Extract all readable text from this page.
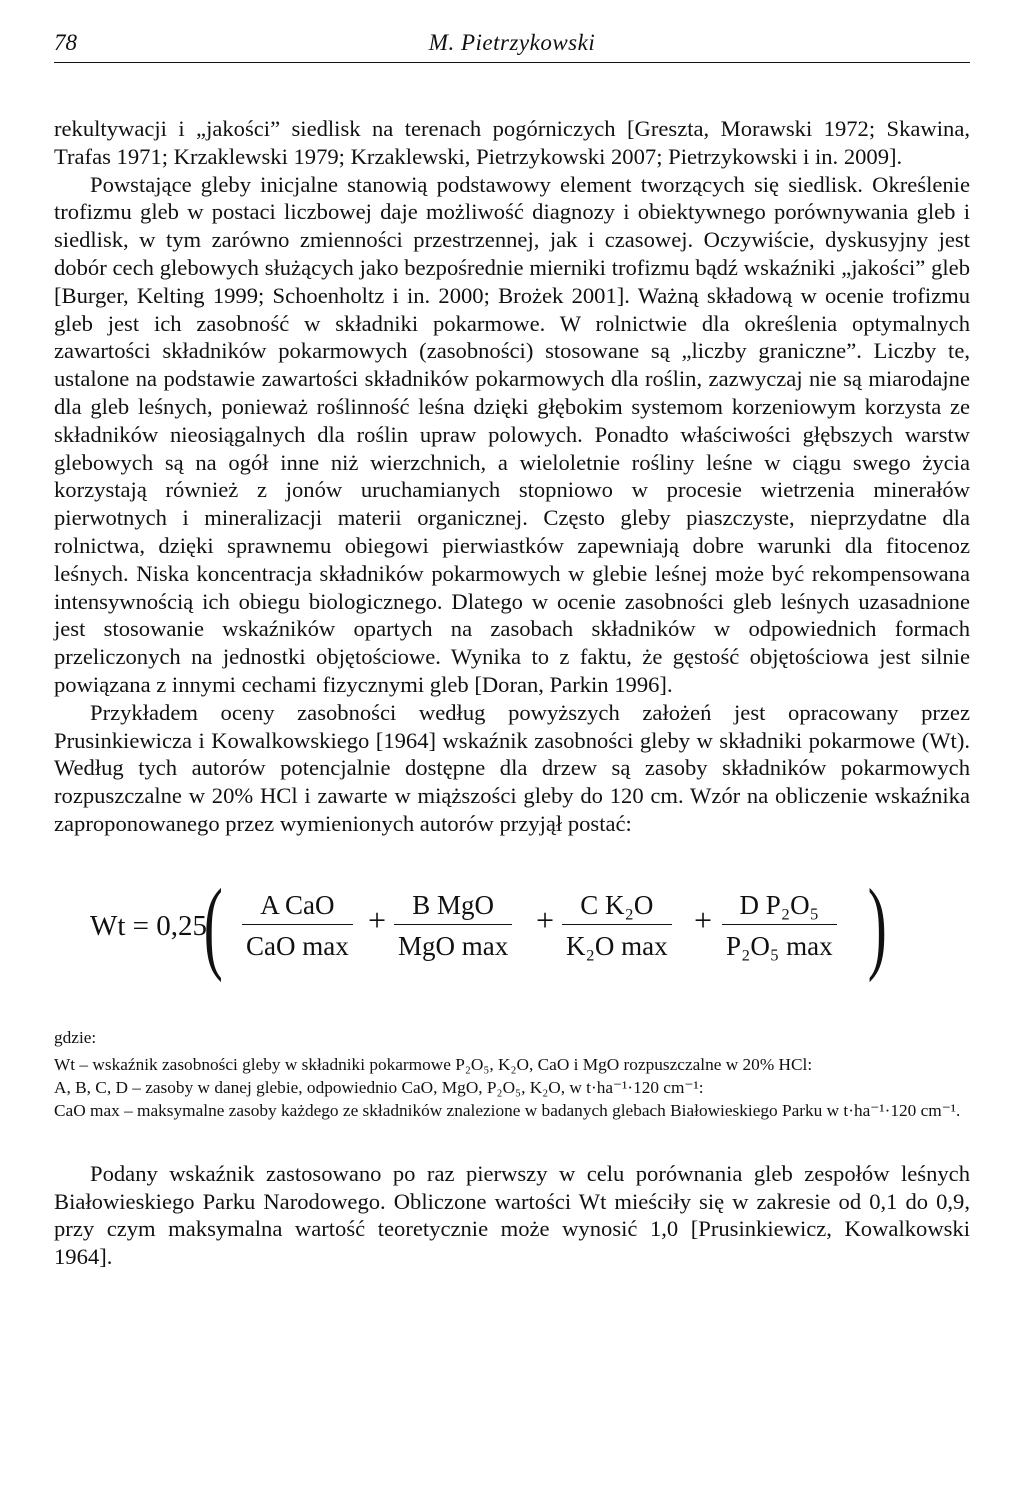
78	M. Pietrzykowski

rekultywacji i „jakości” siedlisk na terenach pogórniczych [Greszta, Morawski 1972; Skawina, Trafas 1971; Krzaklewski 1979; Krzaklewski, Pietrzykowski 2007; Pietrzykowski i in. 2009].

Powstające gleby inicjalne stanowią podstawowy element tworzących się siedlisk. Określenie trofizmu gleb w postaci liczbowej daje możliwość diagnozy i obiektywnego porównywania gleb i siedlisk, w tym zarówno zmienności przestrzennej, jak i czasowej. Oczywiście, dyskusyjny jest dobór cech glebowych służących jako bezpośrednie mierniki trofizmu bądź wskaźniki „jakości” gleb [Burger, Kelting 1999; Schoenholtz i in. 2000; Brożek 2001]. Ważną składową w ocenie trofizmu gleb jest ich zasobność w składniki pokarmowe. W rolnictwie dla określenia optymalnych zawartości składników pokarmowych (zasobności) stosowane są „liczby graniczne”. Liczby te, ustalone na podstawie zawartości składników pokarmowych dla roślin, zazwyczaj nie są miarodajne dla gleb leśnych, ponieważ roślinność leśna dzięki głębokim systemom korzeniowym korzysta ze składników nieosiągalnych dla roślin upraw polowych. Ponadto właściwości głębszych warstw glebowych są na ogół inne niż wierzchnich, a wieloletnie rośliny leśne w ciągu swego życia korzystają również z jonów uruchamianych stopniowo w procesie wietrzenia minerałów pierwotnych i mineralizacji materii organicznej. Często gleby piaszczyste, nieprzydatne dla rolnictwa, dzięki sprawnemu obiegowi pierwiastków zapewniają dobre warunki dla fitocenoz leśnych. Niska koncentracja składników pokarmowych w glebie leśnej może być rekompensowana intensywnością ich obiegu biologicznego. Dlatego w ocenie zasobności gleb leśnych uzasadnione jest stosowanie wskaźników opartych na zasobach składników w odpowiednich formach przeliczonych na jednostki objętościowe. Wynika to z faktu, że gęstość objętościowa jest silnie powiązana z innymi cechami fizycznymi gleb [Doran, Parkin 1996].

Przykładem oceny zasobności według powyższych założeń jest opracowany przez Prusinkiewicza i Kowalkowskiego [1964] wskaźnik zasobności gleby w składniki pokarmowe (Wt). Według tych autorów potencjalnie dostępne dla drzew są zasoby składników pokarmowych rozpuszczalne w 20% HCl i zawarte w miąższości gleby do 120 cm. Wzór na obliczenie wskaźnika zaproponowanego przez wymienionych autorów przyjął postać:

Wt = 0,25
(	A CaO
CaO max
+ B MgO
MgO max
+ C K₂O
K₂O max
+	D P₂O₅
P₂O₅ max )
gdzie:

Wt – wskaźnik zasobności gleby w składniki pokarmowe P₂O₅, K₂O, CaO i MgO rozpuszczalne w 20% HCl:

A, B, C, D – zasoby w danej glebie, odpowiednio CaO, MgO, P₂O₅, K₂O, w t·ha⁻¹·120 cm⁻¹:

CaO max – maksymalne zasoby każdego ze składników znalezione w badanych glebach Białowieskiego Parku w t·ha⁻¹·120 cm⁻¹.

Podany wskaźnik zastosowano po raz pierwszy w celu porównania gleb zespołów leśnych Białowieskiego Parku Narodowego. Obliczone wartości Wt mieściły się w zakresie od 0,1 do 0,9, przy czym maksymalna wartość teoretycznie może wynosić 1,0 [Prusinkiewicz, Kowalkowski 1964].
